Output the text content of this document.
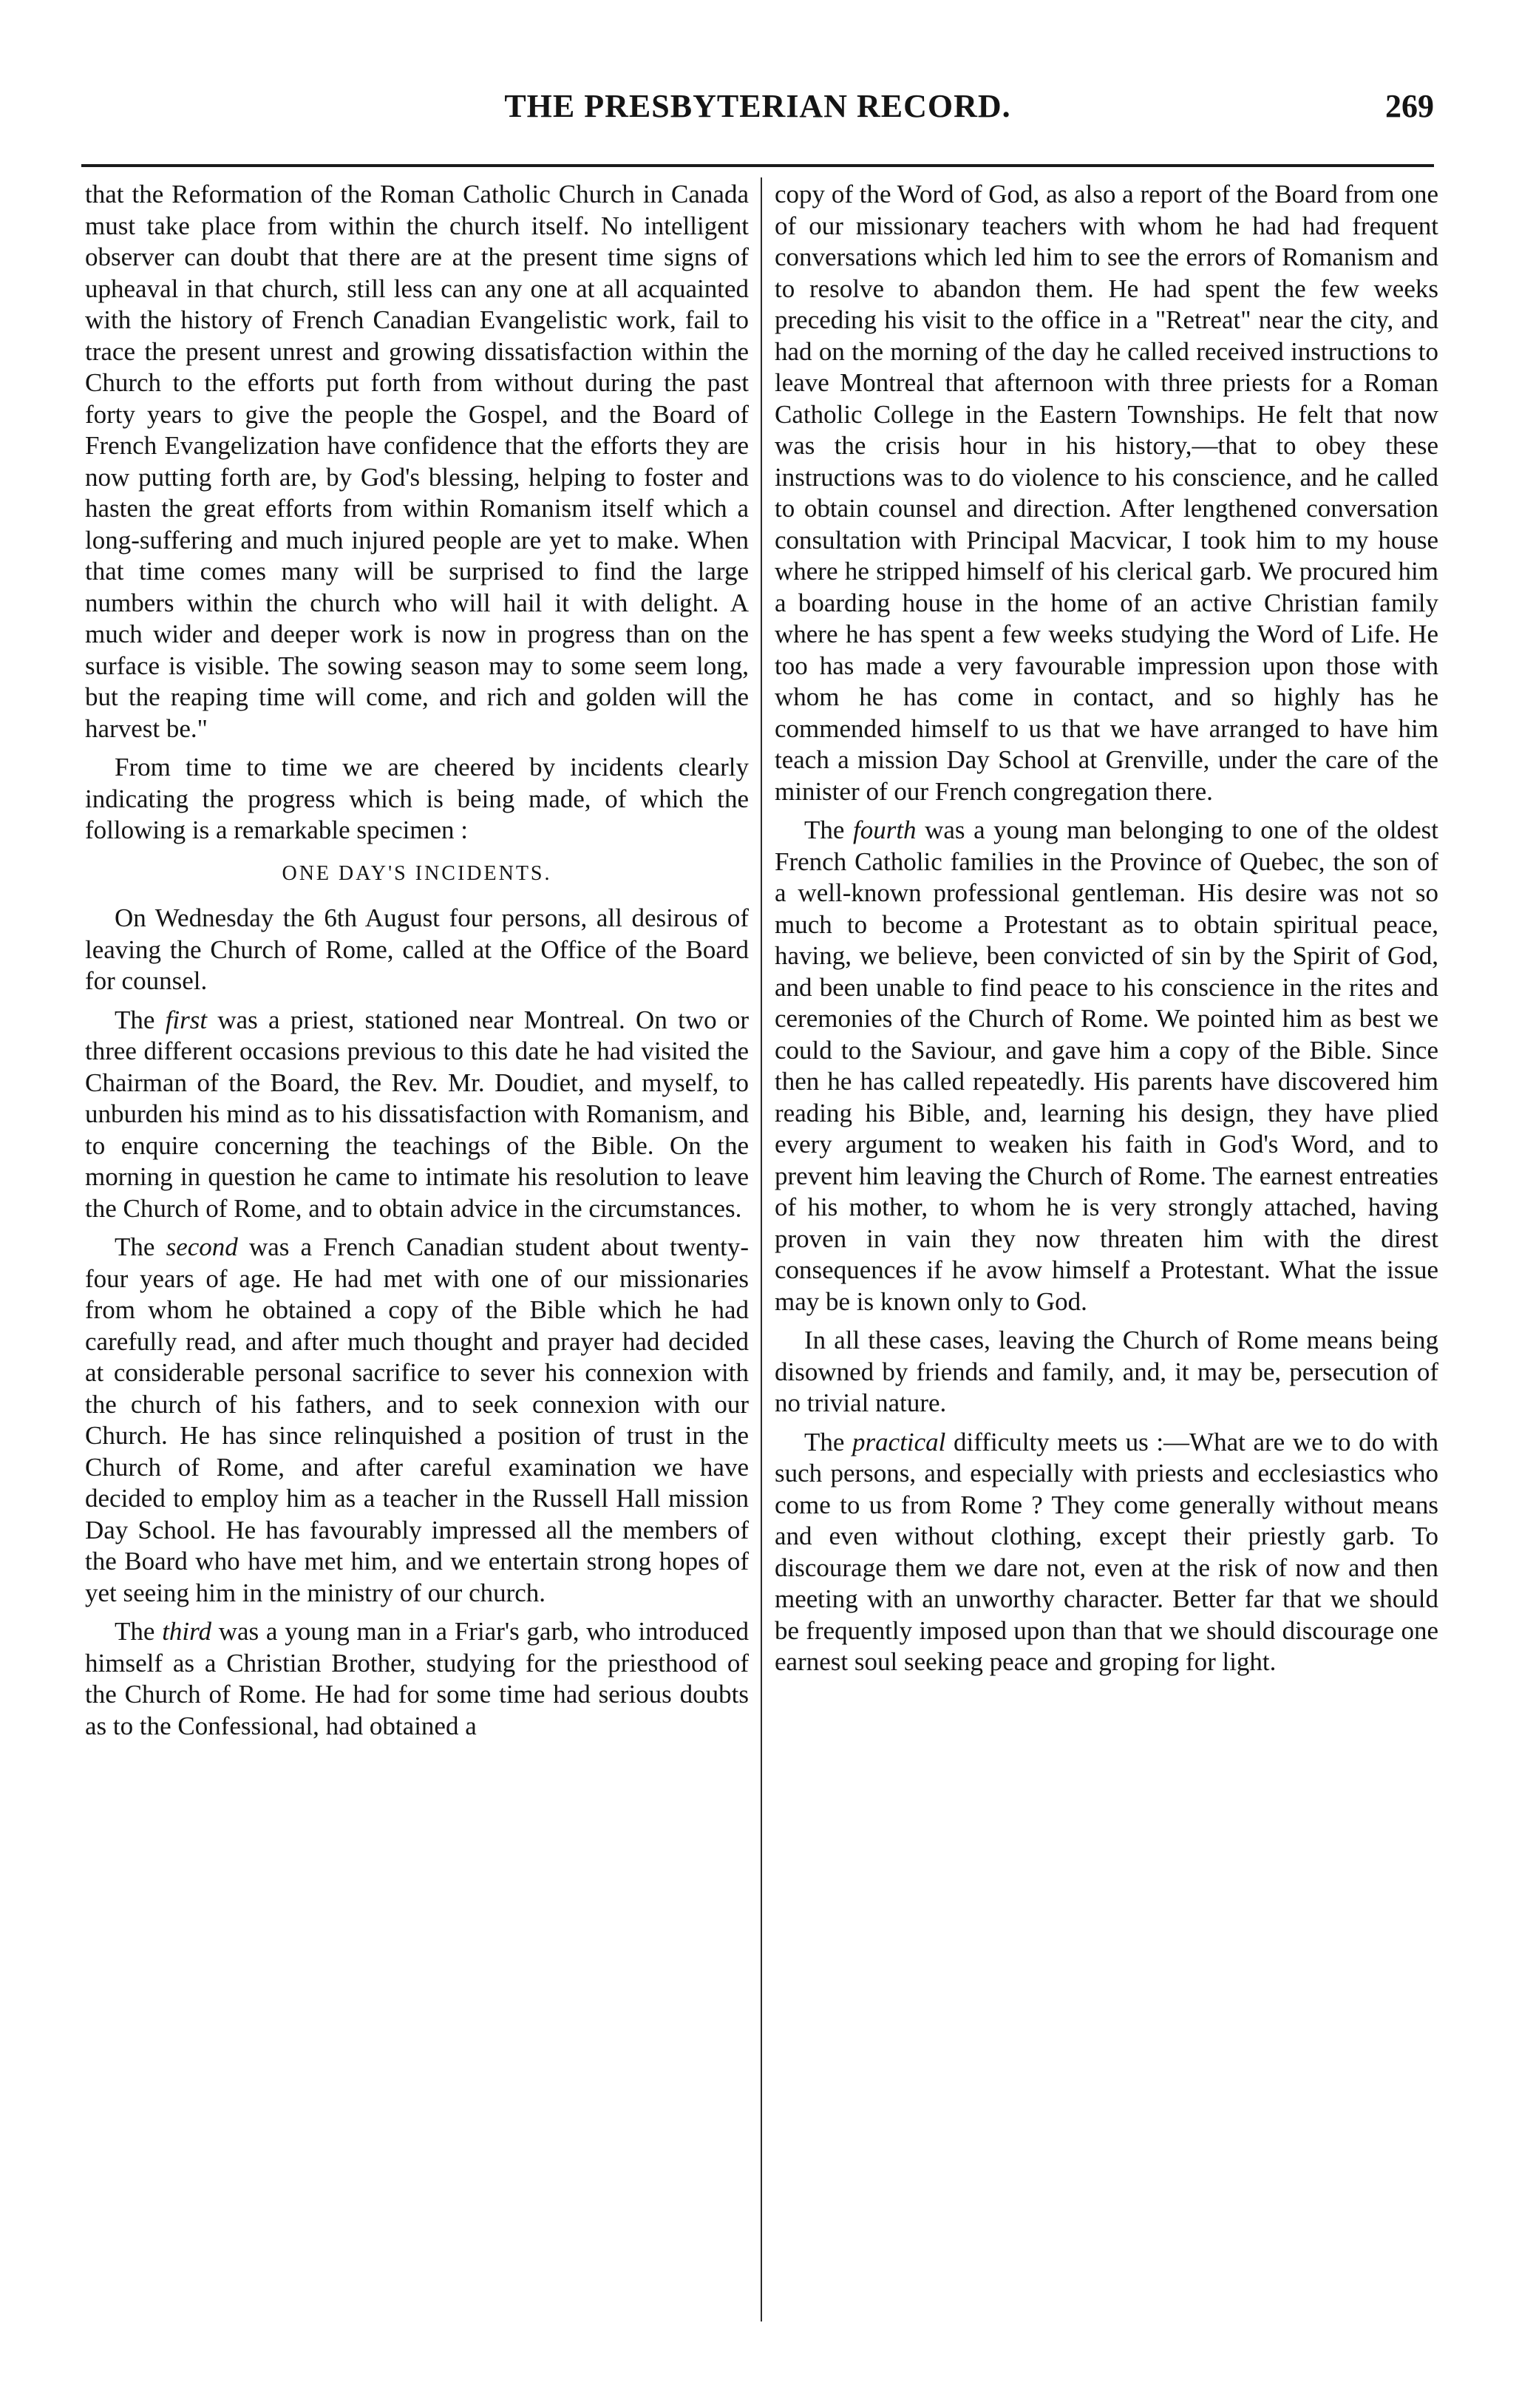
THE PRESBYTERIAN RECORD.	269

that the Reformation of the Roman Catholic Church in Canada must take place from within the church itself. No intelligent observer can doubt that there are at the present time signs of upheaval in that church, still less can any one at all acquainted with the history of French Canadian Evangelistic work, fail to trace the present unrest and growing dissatisfaction within the Church to the efforts put forth from without during the past forty years to give the people the Gospel, and the Board of French Evangelization have confidence that the efforts they are now putting forth are, by God's blessing, helping to foster and hasten the great efforts from within Romanism itself which a long-suffering and much injured people are yet to make. When that time comes many will be surprised to find the large numbers within the church who will hail it with delight. A much wider and deeper work is now in progress than on the surface is visible. The sowing season may to some seem long, but the reaping time will come, and rich and golden will the harvest be."

From time to time we are cheered by incidents clearly indicating the progress which is being made, of which the following is a remarkable specimen :

ONE DAY'S INCIDENTS.

On Wednesday the 6th August four persons, all desirous of leaving the Church of Rome, called at the Office of the Board for counsel.

The first was a priest, stationed near Montreal. On two or three different occasions previous to this date he had visited the Chairman of the Board, the Rev. Mr. Doudiet, and myself, to unburden his mind as to his dissatisfaction with Romanism, and to enquire concerning the teachings of the Bible. On the morning in question he came to intimate his resolution to leave the Church of Rome, and to obtain advice in the circumstances.

The second was a French Canadian student about twenty-four years of age. He had met with one of our missionaries from whom he obtained a copy of the Bible which he had carefully read, and after much thought and prayer had decided at considerable personal sacrifice to sever his connexion with the church of his fathers, and to seek connexion with our Church. He has since relinquished a position of trust in the Church of Rome, and after careful examination we have decided to employ him as a teacher in the Russell Hall mission Day School. He has favourably impressed all the members of the Board who have met him, and we entertain strong hopes of yet seeing him in the ministry of our church.

The third was a young man in a Friar's garb, who introduced himself as a Christian Brother, studying for the priesthood of the Church of Rome. He had for some time had serious doubts as to the Confessional, had obtained a

copy of the Word of God, as also a report of the Board from one of our missionary teachers with whom he had had frequent conversations which led him to see the errors of Romanism and to resolve to abandon them. He had spent the few weeks preceding his visit to the office in a "Retreat" near the city, and had on the morning of the day he called received instructions to leave Montreal that afternoon with three priests for a Roman Catholic College in the Eastern Townships. He felt that now was the crisis hour in his history,—that to obey these instructions was to do violence to his conscience, and he called to obtain counsel and direction. After lengthened conversation consultation with Principal Macvicar, I took him to my house where he stripped himself of his clerical garb. We procured him a boarding house in the home of an active Christian family where he has spent a few weeks studying the Word of Life. He too has made a very favourable impression upon those with whom he has come in contact, and so highly has he commended himself to us that we have arranged to have him teach a mission Day School at Grenville, under the care of the minister of our French congregation there.

The fourth was a young man belonging to one of the oldest French Catholic families in the Province of Quebec, the son of a well-known professional gentleman. His desire was not so much to become a Protestant as to obtain spiritual peace, having, we believe, been convicted of sin by the Spirit of God, and been unable to find peace to his conscience in the rites and ceremonies of the Church of Rome. We pointed him as best we could to the Saviour, and gave him a copy of the Bible. Since then he has called repeatedly. His parents have discovered him reading his Bible, and, learning his design, they have plied every argument to weaken his faith in God's Word, and to prevent him leaving the Church of Rome. The earnest entreaties of his mother, to whom he is very strongly attached, having proven in vain they now threaten him with the direst consequences if he avow himself a Protestant. What the issue may be is known only to God.

In all these cases, leaving the Church of Rome means being disowned by friends and family, and, it may be, persecution of no trivial nature.

The practical difficulty meets us :—What are we to do with such persons, and especially with priests and ecclesiastics who come to us from Rome ? They come generally without means and even without clothing, except their priestly garb. To discourage them we dare not, even at the risk of now and then meeting with an unworthy character. Better far that we should be frequently imposed upon than that we should discourage one earnest soul seeking peace and groping for light.
